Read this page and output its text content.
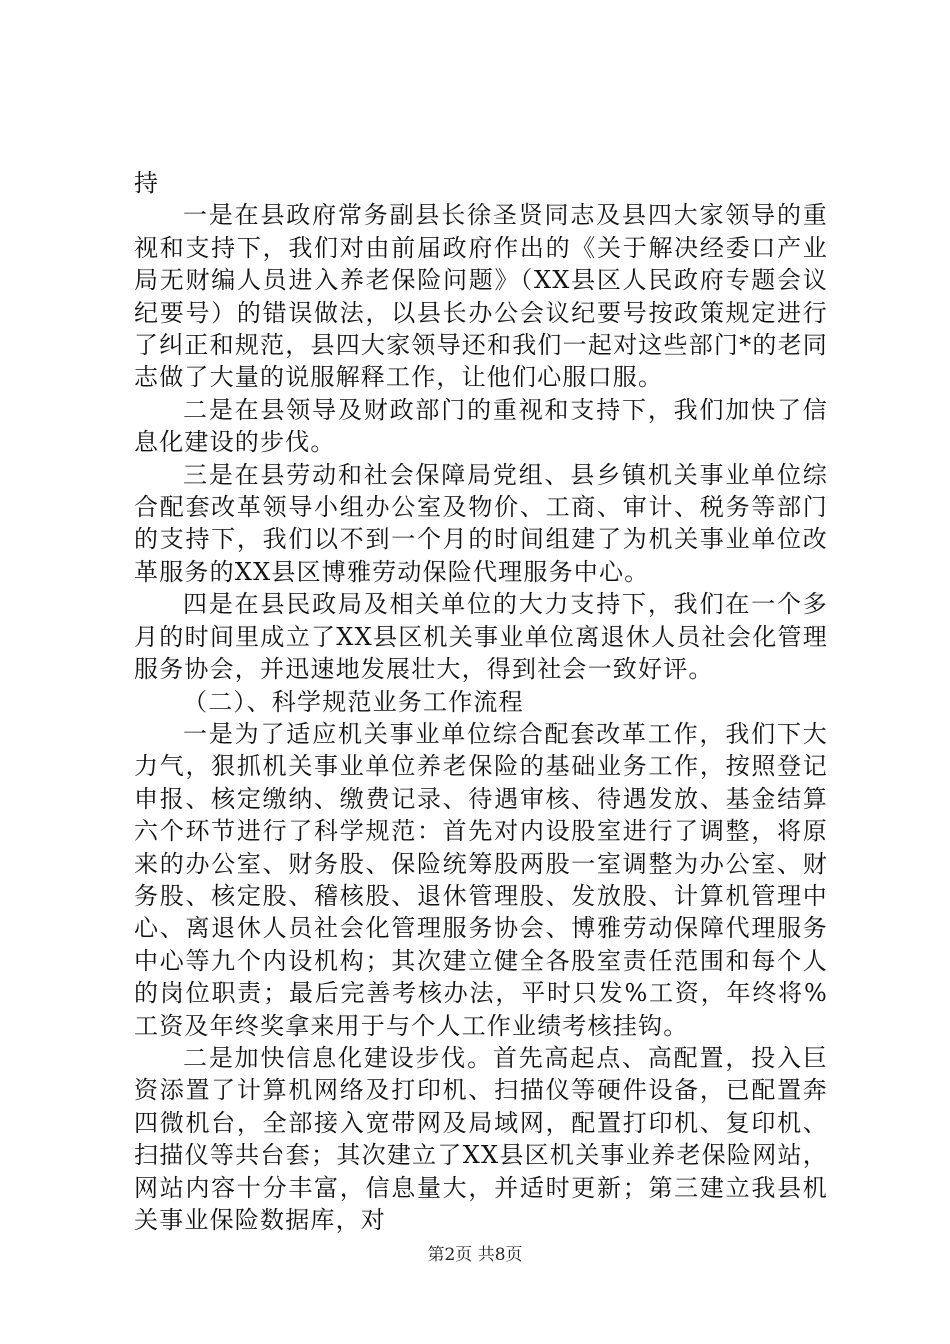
持

一是在县政府常务副县长徐圣贤同志及县四大家领导的重视和支持下，我们对由前届政府作出的《关于解决经委口产业局无财编人员进入养老保险问题》（XX县区人民政府专题会议纪要号）的错误做法，以县长办公会议纪要号按政策规定进行了纠正和规范，县四大家领导还和我们一起对这些部门*的老同志做了大量的说服解释工作，让他们心服口服。

二是在县领导及财政部门的重视和支持下，我们加快了信息化建设的步伐。

三是在县劳动和社会保障局党组、县乡镇机关事业单位综合配套改革领导小组办公室及物价、工商、审计、税务等部门的支持下，我们以不到一个月的时间组建了为机关事业单位改革服务的XX县区博雅劳动保险代理服务中心。

四是在县民政局及相关单位的大力支持下，我们在一个多月的时间里成立了XX县区机关事业单位离退休人员社会化管理服务协会，并迅速地发展壮大，得到社会一致好评。

（二）、科学规范业务工作流程

一是为了适应机关事业单位综合配套改革工作，我们下大力气，狠抓机关事业单位养老保险的基础业务工作，按照登记申报、核定缴纳、缴费记录、待遇审核、待遇发放、基金结算六个环节进行了科学规范：首先对内设股室进行了调整，将原来的办公室、财务股、保险统筹股两股一室调整为办公室、财务股、核定股、稽核股、退休管理股、发放股、计算机管理中心、离退休人员社会化管理服务协会、博雅劳动保障代理服务中心等九个内设机构；其次建立健全各股室责任范围和每个人的岗位职责；最后完善考核办法，平时只发%工资，年终将%工资及年终奖拿来用于与个人工作业绩考核挂钩。

二是加快信息化建设步伐。首先高起点、高配置，投入巨资添置了计算机网络及打印机、扫描仪等硬件设备，已配置奔四微机台，全部接入宽带网及局域网，配置打印机、复印机、扫描仪等共台套；其次建立了XX县区机关事业养老保险网站，网站内容十分丰富，信息量大，并适时更新；第三建立我县机关事业保险数据库，对

第2页 共8页
